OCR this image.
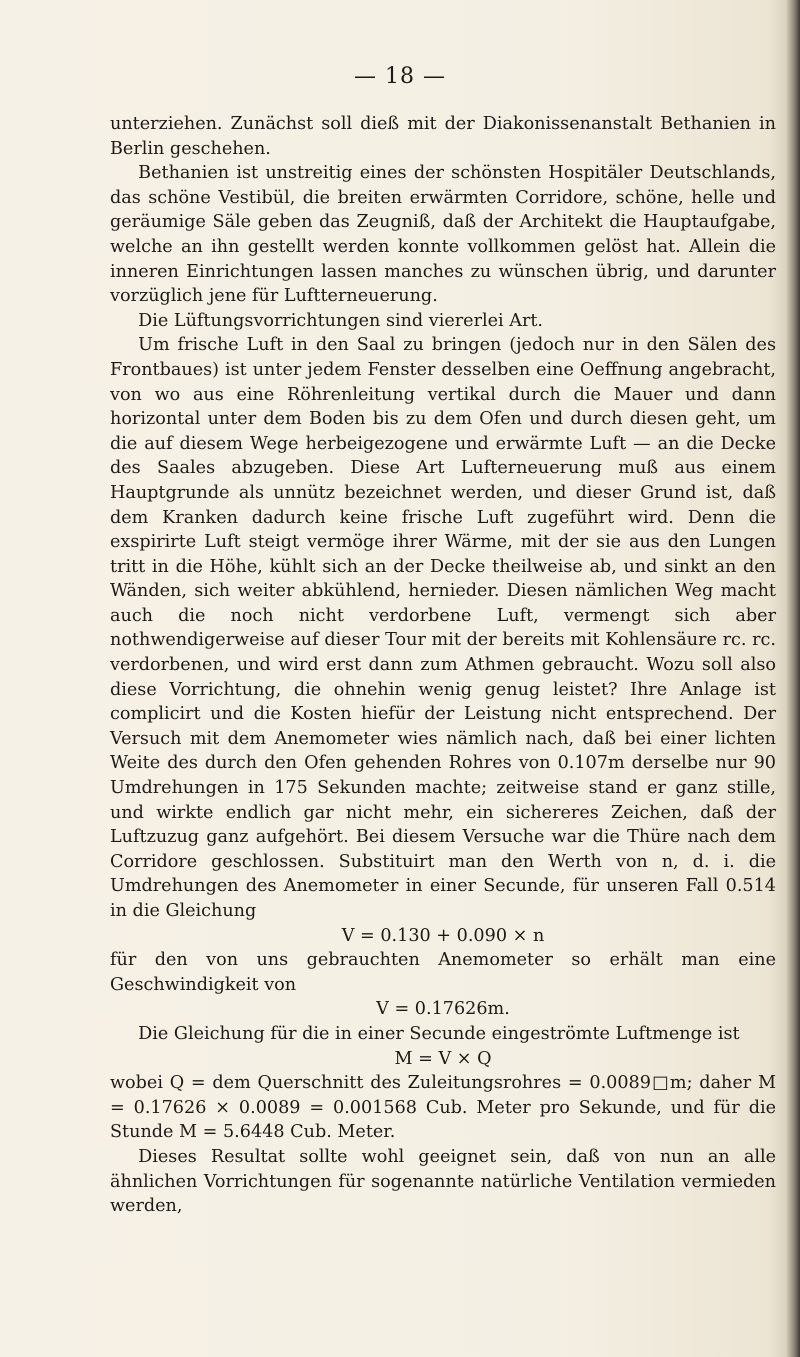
— 18 —

unterziehen. Zunächst soll dieß mit der Diakonissenanstalt Bethanien in Berlin geschehen.

Bethanien ist unstreitig eines der schönsten Hospitäler Deutschlands, das schöne Vestibül, die breiten erwärmten Corridore, schöne, helle und geräumige Säle geben das Zeugniß, daß der Architekt die Hauptaufgabe, welche an ihn gestellt werden konnte vollkommen gelöst hat. Allein die inneren Einrichtungen lassen manches zu wünschen übrig, und darunter vorzüglich jene für Luftterneuerung.

Die Lüftungsvorrichtungen sind viererlei Art.

Um frische Luft in den Saal zu bringen (jedoch nur in den Sälen des Frontbaues) ist unter jedem Fenster desselben eine Oeffnung angebracht, von wo aus eine Röhrenleitung vertikal durch die Mauer und dann horizontal unter dem Boden bis zu dem Ofen und durch diesen geht, um die auf diesem Wege herbeigezogene und erwärmte Luft — an die Decke des Saales abzugeben. Diese Art Lufterneuerung muß aus einem Hauptgrunde als unnütz bezeichnet werden, und dieser Grund ist, daß dem Kranken dadurch keine frische Luft zugeführt wird. Denn die exspirirte Luft steigt vermöge ihrer Wärme, mit der sie aus den Lungen tritt in die Höhe, kühlt sich an der Decke theilweise ab, und sinkt an den Wänden, sich weiter abkühlend, hernieder. Diesen nämlichen Weg macht auch die noch nicht verdorbene Luft, vermengt sich aber nothwendigerweise auf dieser Tour mit der bereits mit Kohlensäure rc. rc. verdorbenen, und wird erst dann zum Athmen gebraucht. Wozu soll also diese Vorrichtung, die ohnehin wenig genug leistet? Ihre Anlage ist complicirt und die Kosten hiefür der Leistung nicht entsprechend. Der Versuch mit dem Anemometer wies nämlich nach, daß bei einer lichten Weite des durch den Ofen gehenden Rohres von 0.107m derselbe nur 90 Umdrehungen in 175 Sekunden machte; zeitweise stand er ganz stille, und wirkte endlich gar nicht mehr, ein sichereres Zeichen, daß der Luftzuzug ganz aufgehört. Bei diesem Versuche war die Thüre nach dem Corridore geschlossen. Substituirt man den Werth von n, d. i. die Umdrehungen des Anemometer in einer Secunde, für unseren Fall 0.514 in die Gleichung

V = 0.130 + 0.090 × n

für den von uns gebrauchten Anemometer so erhält man eine Geschwindigkeit von

V = 0.17626m.

Die Gleichung für die in einer Secunde eingeströmte Luftmenge ist

M = V × Q

wobei Q = dem Querschnitt des Zuleitungsrohres = 0.0089□m; daher M = 0.17626 × 0.0089 = 0.001568 Cub. Meter pro Sekunde, und für die Stunde M = 5.6448 Cub. Meter.

Dieses Resultat sollte wohl geeignet sein, daß von nun an alle ähnlichen Vorrichtungen für sogenannte natürliche Ventilation vermieden werden,
